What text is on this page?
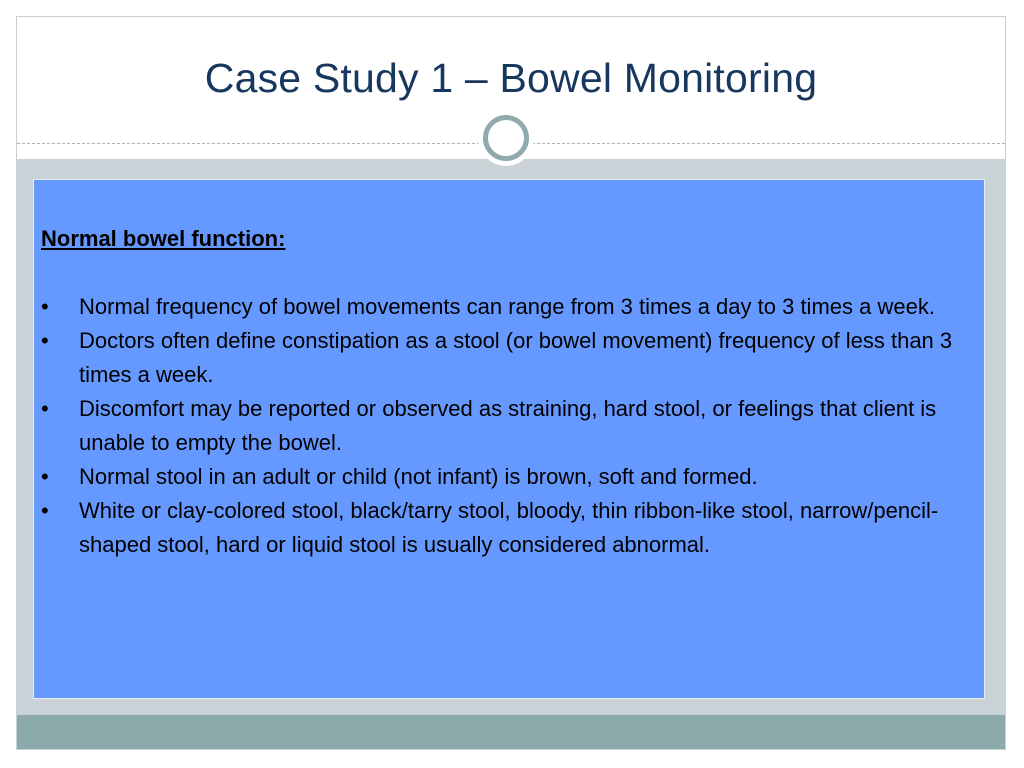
Case Study 1 – Bowel Monitoring
Normal bowel function:
• Normal frequency of bowel movements can range from 3 times a day to 3 times a week.
• Doctors often define constipation as a stool (or bowel movement) frequency of less than 3 times a week.
• Discomfort may be reported or observed as straining, hard stool, or feelings that client is unable to empty the bowel.
• Normal stool in an adult or child (not infant) is brown, soft and formed.
• White or clay-colored stool, black/tarry stool, bloody, thin ribbon-like stool, narrow/pencil-shaped stool, hard or liquid stool is usually considered abnormal.
